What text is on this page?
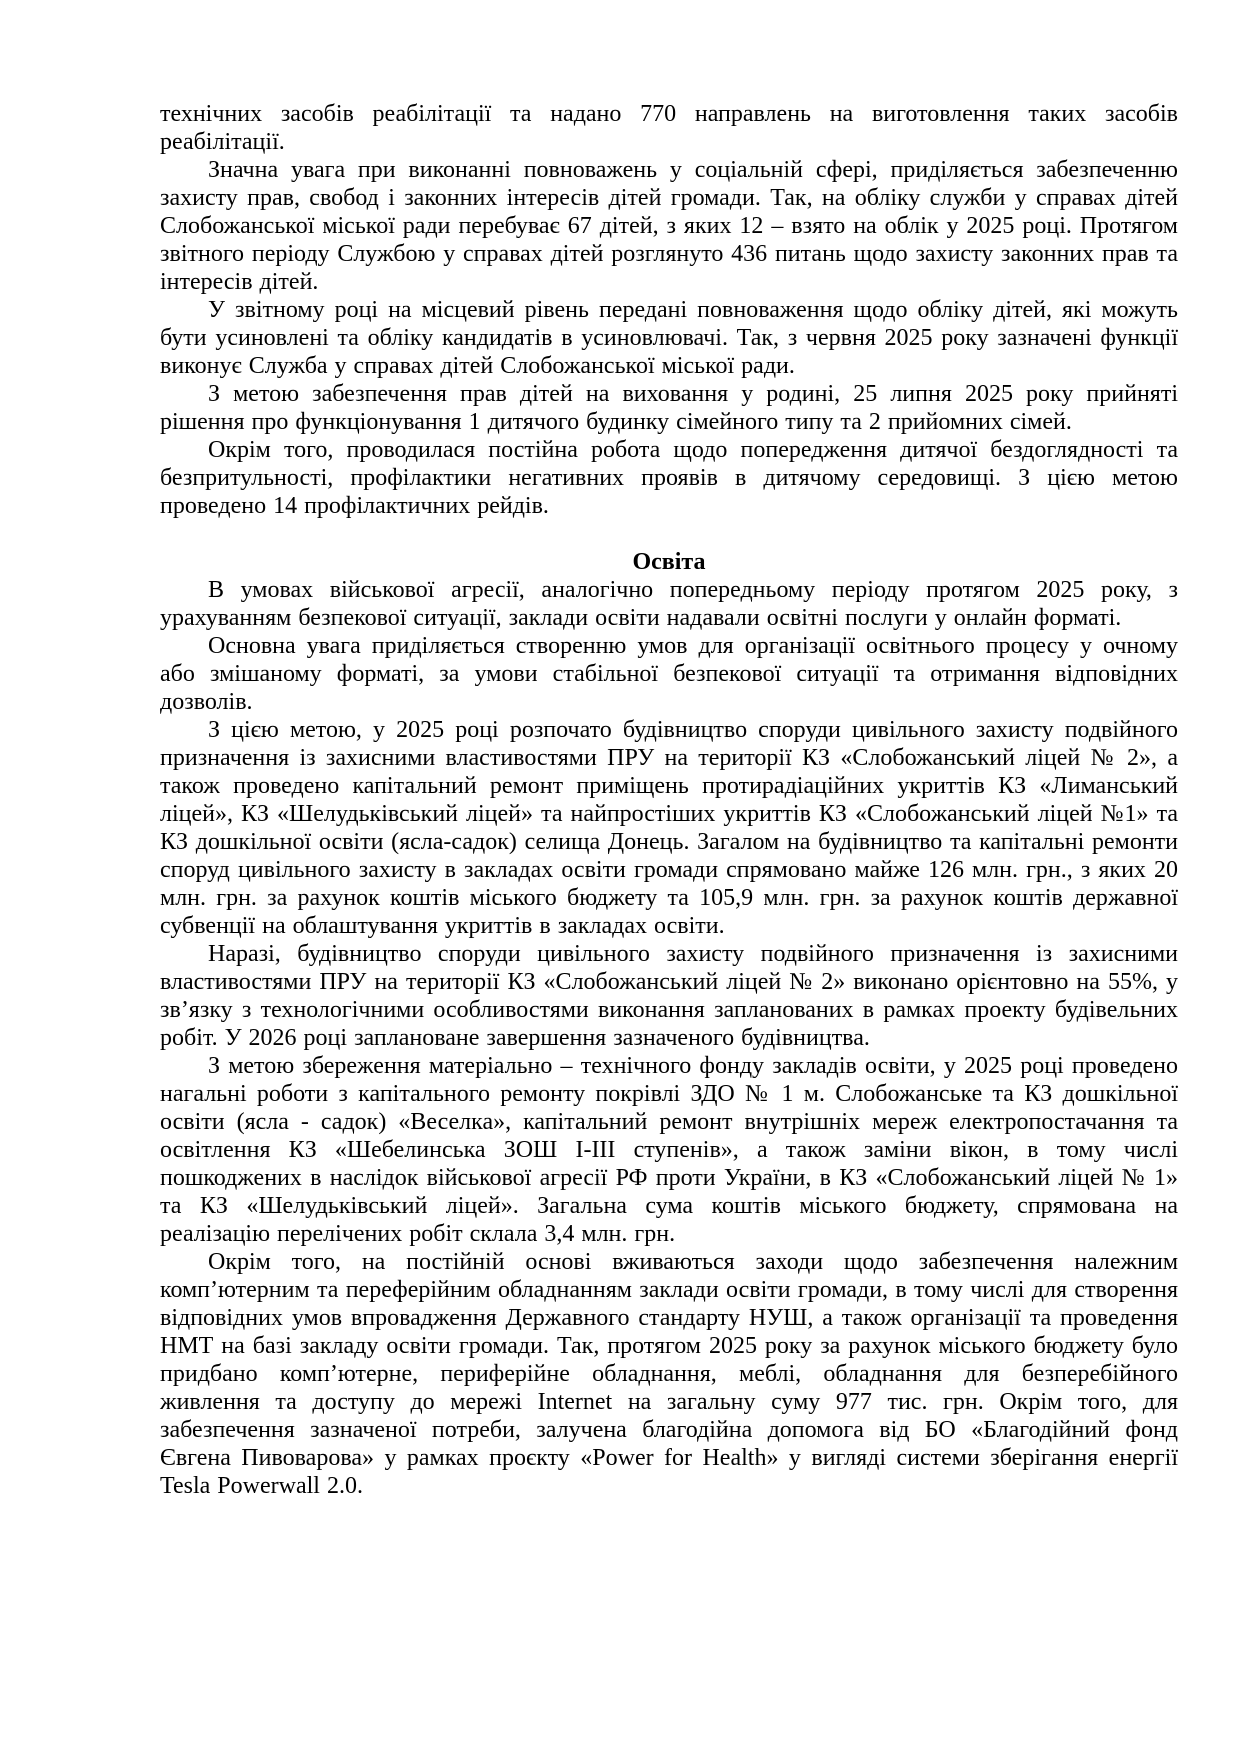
технічних засобів реабілітації та надано 770 направлень на виготовлення таких засобів реабілітації.

Значна увага при виконанні повноважень у соціальній сфері, приділяється забезпеченню захисту прав, свобод і законних інтересів дітей громади. Так, на обліку служби у справах дітей Слобожанської міської ради перебуває 67 дітей, з яких 12 – взято на облік у 2025 році. Протягом звітного періоду Службою у справах дітей розглянуто 436 питань щодо захисту законних прав та інтересів дітей.

У звітному році на місцевий рівень передані повноваження щодо обліку дітей, які можуть бути усиновлені та обліку кандидатів в усиновлювачі. Так, з червня 2025 року зазначені функції виконує Служба у справах дітей Слобожанської міської ради.

З метою забезпечення прав дітей на виховання у родині, 25 липня 2025 року прийняті рішення про функціонування 1 дитячого будинку сімейного типу та 2 прийомних сімей.

Окрім того, проводилася постійна робота щодо попередження дитячої бездоглядності та безпритульності, профілактики негативних проявів в дитячому середовищі. З цією метою проведено 14 профілактичних рейдів.

Освіта

В умовах військової агресії, аналогічно попередньому періоду протягом 2025 року, з урахуванням безпекової ситуації, заклади освіти надавали освітні послуги у онлайн форматі.

Основна увага приділяється створенню умов для організації освітнього процесу у очному або змішаному форматі, за умови стабільної безпекової ситуації та отримання відповідних дозволів.

З цією метою, у 2025 році розпочато будівництво споруди цивільного захисту подвійного призначення із захисними властивостями ПРУ на території КЗ «Слобожанський ліцей № 2», а також проведено капітальний ремонт приміщень протирадіаційних укриттів КЗ «Лиманський ліцей», КЗ «Шелудьківський ліцей» та найпростіших укриттів КЗ «Слобожанський ліцей №1» та КЗ дошкільної освіти (ясла-садок) селища Донець. Загалом на будівництво та капітальні ремонти споруд цивільного захисту в закладах освіти громади спрямовано майже 126 млн. грн., з яких 20 млн. грн. за рахунок коштів міського бюджету та 105,9 млн. грн. за рахунок коштів державної субвенції на облаштування укриттів в закладах освіти.

Наразі, будівництво споруди цивільного захисту подвійного призначення із захисними властивостями ПРУ на території КЗ «Слобожанський ліцей № 2» виконано орієнтовно на 55%, у зв’язку з технологічними особливостями виконання запланованих в рамках проекту будівельних робіт. У 2026 році заплановане завершення зазначеного будівництва.

З метою збереження матеріально – технічного фонду закладів освіти, у 2025 році проведено нагальні роботи з капітального ремонту покрівлі ЗДО № 1 м. Слобожанське та КЗ дошкільної освіти (ясла - садок) «Веселка», капітальний ремонт внутрішніх мереж електропостачання та освітлення КЗ «Шебелинська ЗОШ І-ІІІ ступенів», а також заміни вікон, в тому числі пошкоджених в наслідок військової агресії РФ проти України, в КЗ «Слобожанський ліцей № 1» та КЗ «Шелудьківський ліцей». Загальна сума коштів міського бюджету, спрямована на реалізацію перелічених робіт склала 3,4 млн. грн.

Окрім того, на постійній основі вживаються заходи щодо забезпечення належним комп’ютерним та переферійним обладнанням заклади освіти громади, в тому числі для створення відповідних умов впровадження Державного стандарту НУШ, а також організації та проведення НМТ на базі закладу освіти громади. Так, протягом 2025 року за рахунок міського бюджету було придбано комп’ютерне, периферійне обладнання, меблі, обладнання для безперебійного живлення та доступу до мережі Internet на загальну суму 977 тис. грн. Окрім того, для забезпечення зазначеної потреби, залучена благодійна допомога від БО «Благодійний фонд Євгена Пивоварова» у рамках проєкту «Power for Health» у вигляді системи зберігання енергії Tesla Powerwall 2.0.
